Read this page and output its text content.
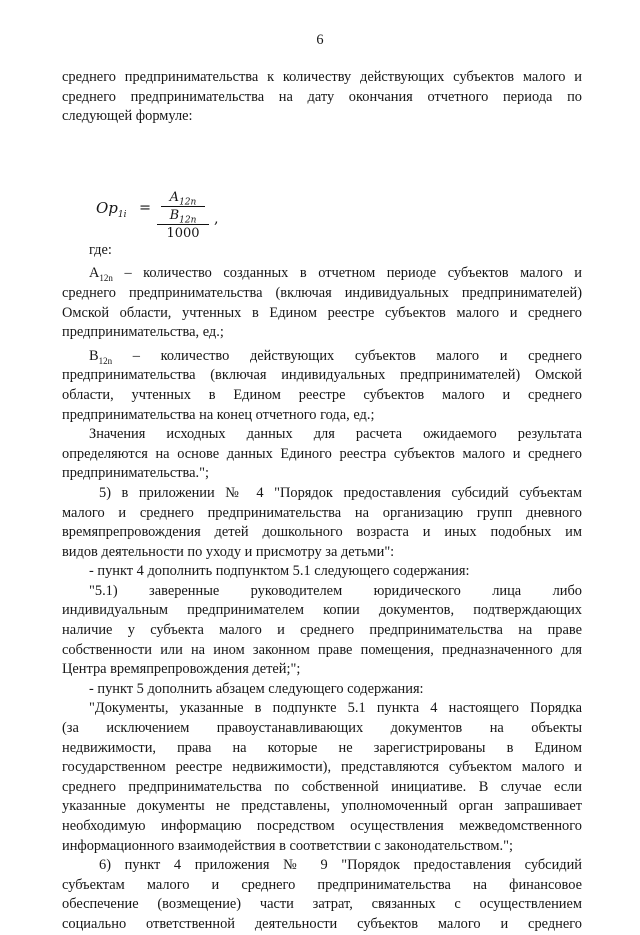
6

среднего предпринимательства к количеству действующих субъектов малого и

среднего предпринимательства на дату окончания отчетного периода по

следующей формуле:

$Op_{1i}$ =
$A_{12n}$
$B_{12n}$
1000
,

где:

$A_{12n}$ – количество созданных в отчетном периоде субъектов малого и

среднего предпринимательства (включая индивидуальных предпринимателей)

Омской области, учтенных в Едином реестре субъектов малого и среднего

предпринимательства, ед.;

$B_{12n}$ – количество действующих субъектов малого и среднего

предпринимательства (включая индивидуальных предпринимателей) Омской

области, учтенных в Едином реестре субъектов малого и среднего

предпринимательства на конец отчетного года, ед.;

Значения исходных данных для расчета ожидаемого результата

определяются на основе данных Единого реестра субъектов малого и среднего

предпринимательства.";

5) в приложении № 4 "Порядок предоставления субсидий субъектам

малого и среднего предпринимательства на организацию групп дневного

времяпрепровождения детей дошкольного возраста и иных подобных им

видов деятельности по уходу и присмотру за детьми":

- пункт 4 дополнить подпунктом 5.1 следующего содержания:

"5.1) заверенные руководителем юридического лица либо

индивидуальным предпринимателем копии документов, подтверждающих

наличие у субъекта малого и среднего предпринимательства на праве

собственности или на ином законном праве помещения, предназначенного для

Центра времяпрепровождения детей;";

- пункт 5 дополнить абзацем следующего содержания:

"Документы, указанные в подпункте 5.1 пункта 4 настоящего Порядка

(за исключением правоустанавливающих документов на объекты

недвижимости, права на которые не зарегистрированы в Едином

государственном реестре недвижимости), представляются субъектом малого и

среднего предпринимательства по собственной инициативе. В случае если

указанные документы не представлены, уполномоченный орган запрашивает

необходимую информацию посредством осуществления межведомственного

информационного взаимодействия в соответствии с законодательством.";

6) пункт 4 приложения № 9 "Порядок предоставления субсидий

субъектам малого и среднего предпринимательства на финансовое

обеспечение (возмещение) части затрат, связанных с осуществлением

социально ответственной деятельности субъектов малого и среднего
